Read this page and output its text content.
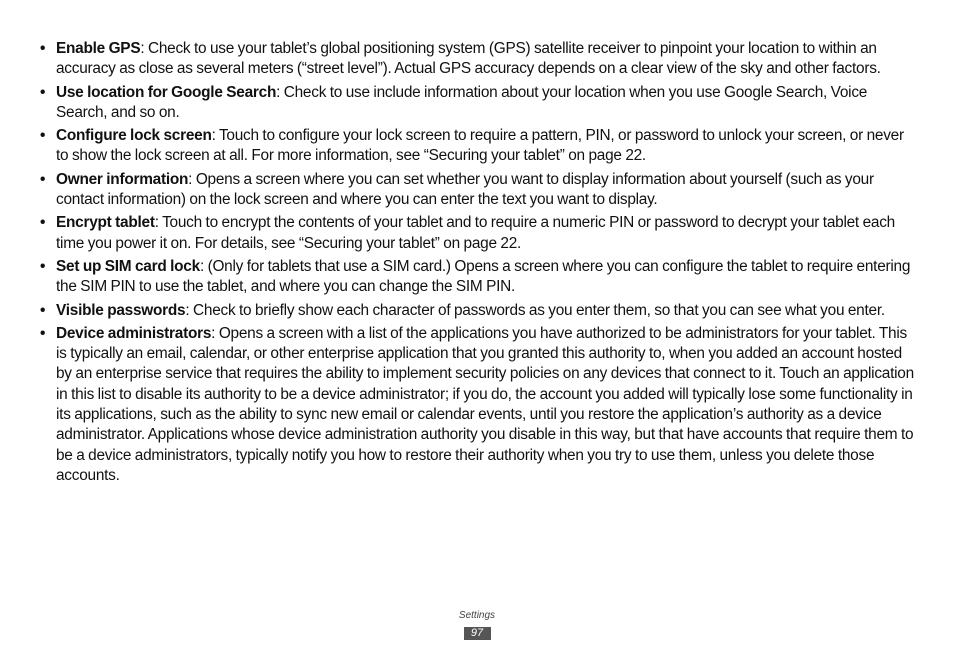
• Enable GPS: Check to use your tablet’s global positioning system (GPS) satellite receiver to pinpoint your location to within an accuracy as close as several meters (“street level”). Actual GPS accuracy depends on a clear view of the sky and other factors.
• Use location for Google Search: Check to use include information about your location when you use Google Search, Voice Search, and so on.
• Configure lock screen: Touch to configure your lock screen to require a pattern, PIN, or password to unlock your screen, or never to show the lock screen at all. For more information, see “Securing your tablet” on page 22.
• Owner information: Opens a screen where you can set whether you want to display information about yourself (such as your contact information) on the lock screen and where you can enter the text you want to display.
• Encrypt tablet: Touch to encrypt the contents of your tablet and to require a numeric PIN or password to decrypt your tablet each time you power it on. For details, see “Securing your tablet” on page 22.
• Set up SIM card lock: (Only for tablets that use a SIM card.) Opens a screen where you can configure the tablet to require entering the SIM PIN to use the tablet, and where you can change the SIM PIN.
• Visible passwords: Check to briefly show each character of passwords as you enter them, so that you can see what you enter.
• Device administrators: Opens a screen with a list of the applications you have authorized to be administrators for your tablet. This is typically an email, calendar, or other enterprise application that you granted this authority to, when you added an account hosted by an enterprise service that requires the ability to implement security policies on any devices that connect to it. Touch an application in this list to disable its authority to be a device administrator; if you do, the account you added will typically lose some functionality in its applications, such as the ability to sync new email or calendar events, until you restore the application’s authority as a device administrator. Applications whose device administration authority you disable in this way, but that have accounts that require them to be a device administrators, typically notify you how to restore their authority when you try to use them, unless you delete those accounts.
Settings
97
